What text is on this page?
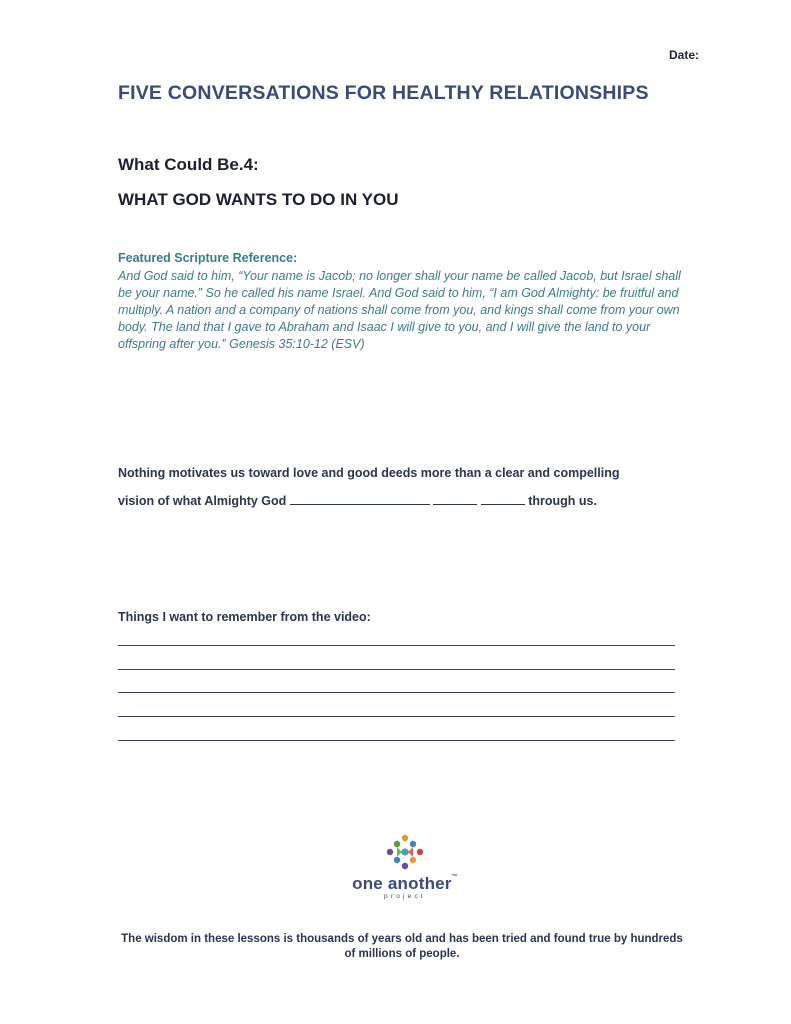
Date:
FIVE CONVERSATIONS FOR HEALTHY RELATIONSHIPS
What Could Be.4:
WHAT GOD WANTS TO DO IN YOU
Featured Scripture Reference:
And God said to him, “Your name is Jacob; no longer shall your name be called Jacob, but Israel shall be your name.” So he called his name Israel. And God said to him, “I am God Almighty: be fruitful and multiply. A nation and a company of nations shall come from you, and kings shall come from your own body. The land that I gave to Abraham and Isaac I will give to you, and I will give the land to your offspring after you.” Genesis 35:10-12 (ESV)
Nothing motivates us toward love and good deeds more than a clear and compelling
vision of what Almighty God	through us.
Things I want to remember from the video:
one another™
project
The wisdom in these lessons is thousands of years old and has been tried and found true by hundreds of millions of people.
